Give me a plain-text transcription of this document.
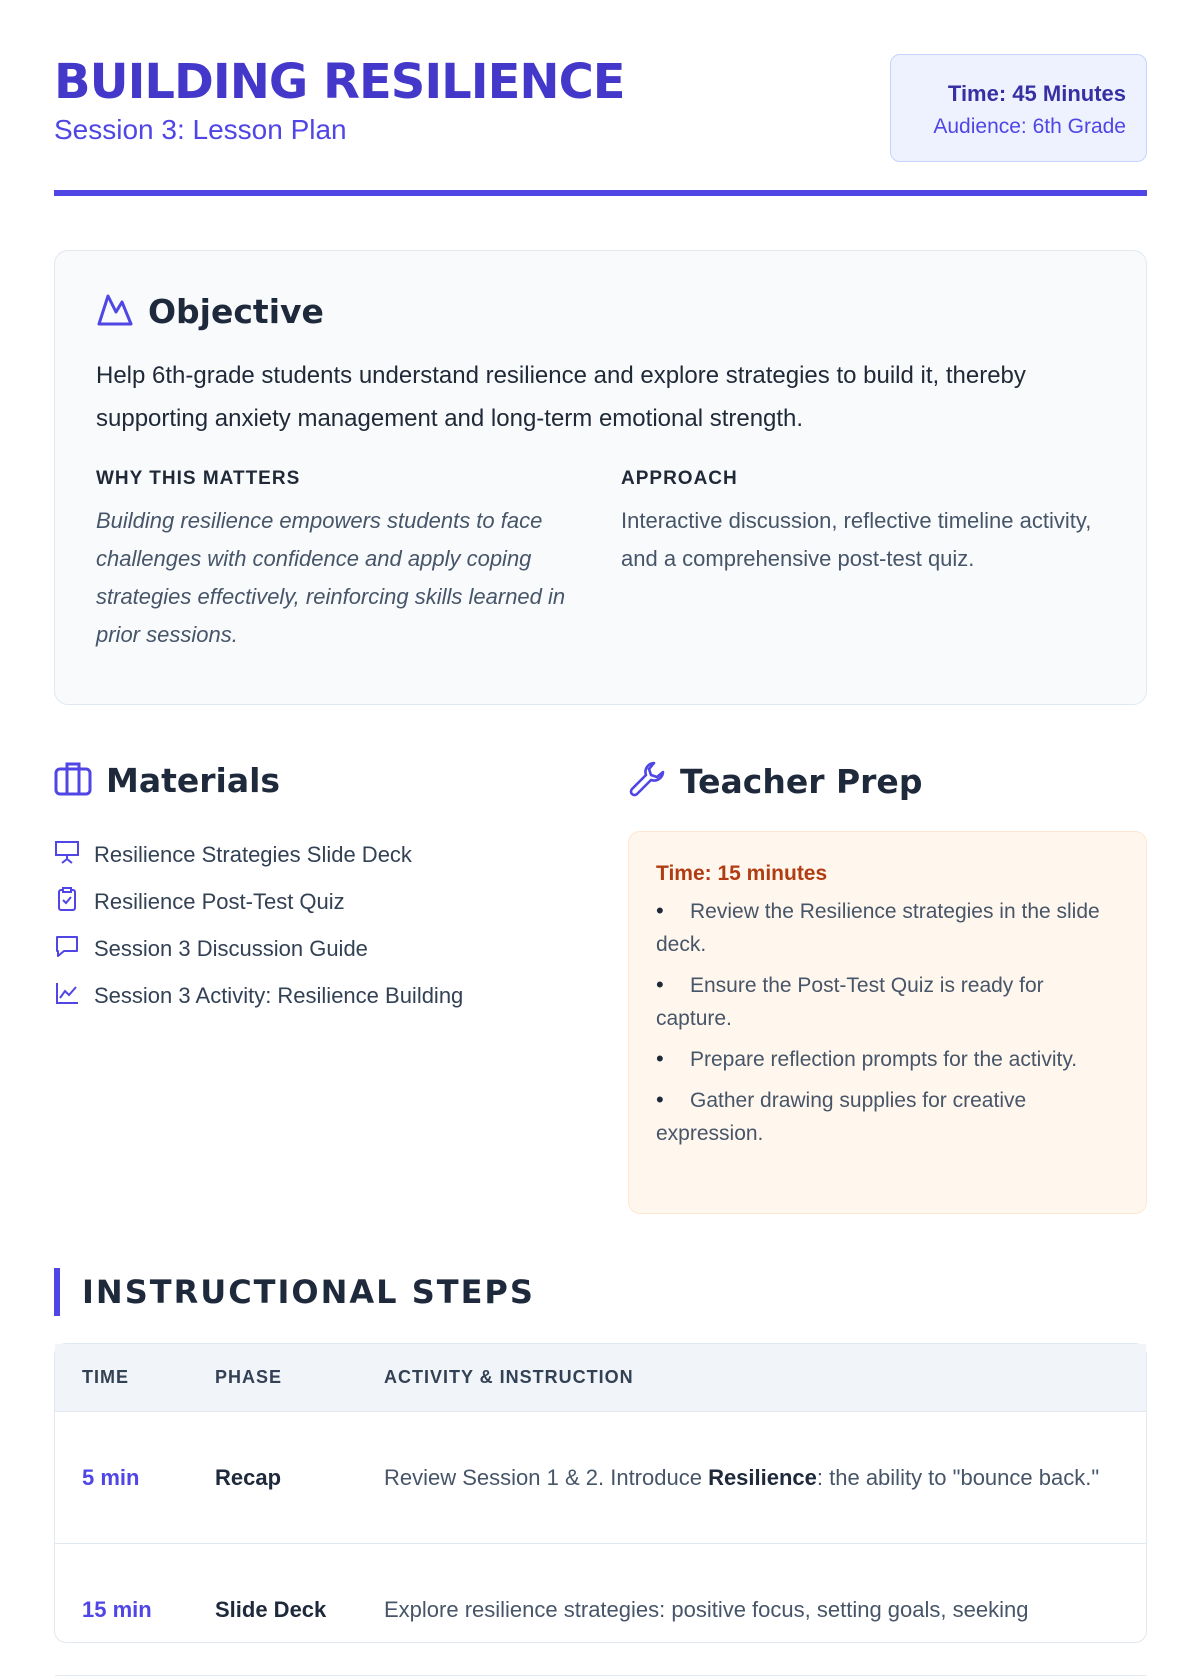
BUILDING RESILIENCE
Session 3: Lesson Plan
Time: 45 Minutes
Audience: 6th Grade
Objective

Help 6th-grade students understand resilience and explore strategies to build it, thereby supporting anxiety management and long-term emotional strength.

WHY THIS MATTERS

Building resilience empowers students to face challenges with confidence and apply coping strategies effectively, reinforcing skills learned in prior sessions.

APPROACH

Interactive discussion, reflective timeline activity, and a comprehensive post-test quiz.

Materials
Resilience Strategies Slide Deck
Resilience Post-Test Quiz
Session 3 Discussion Guide
Session 3 Activity: Resilience Building
Teacher Prep
Time: 15 minutes
• Review the Resilience strategies in the slide deck.
• Ensure the Post-Test Quiz is ready for capture.
• Prepare reflection prompts for the activity.
• Gather drawing supplies for creative expression.
INSTRUCTIONAL STEPS
TIME	PHASE	ACTIVITY & INSTRUCTION
5 min	Recap	Review Session 1 & 2. Introduce Resilience: the ability to "bounce back."
15 min	Slide Deck	Explore resilience strategies: positive focus, setting goals, seeking
